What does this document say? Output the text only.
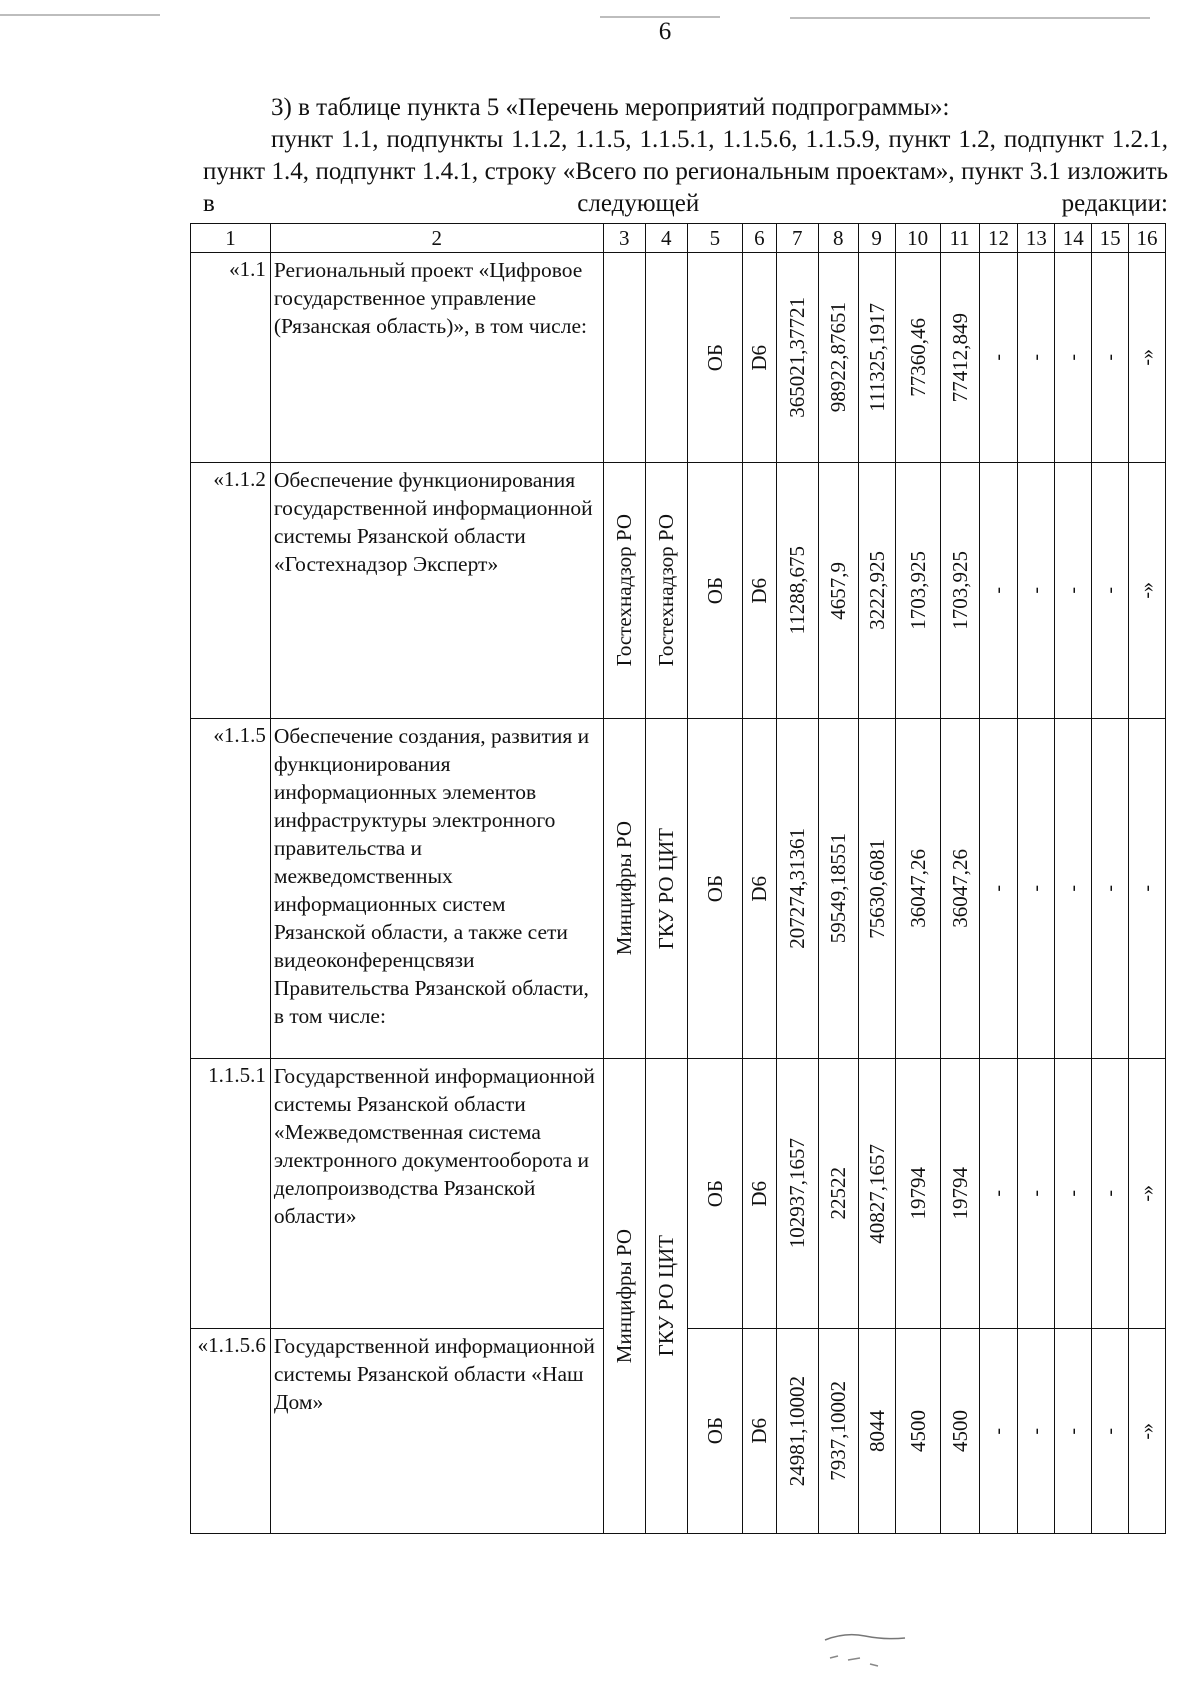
6

3) в таблице пункта 5 «Перечень мероприятий подпрограммы»:

пункт 1.1, подпункты 1.1.2, 1.1.5, 1.1.5.1, 1.1.5.6, 1.1.5.9, пункт 1.2, подпункт 1.2.1, пункт 1.4, подпункт 1.4.1, строку «Всего по региональным проектам», пункт 3.1 изложить в следующей редакции:

1	2	3	4	5	6	7	8	9	10	11	12	13	14	15	16
«1.1	Региональный проект «Цифровое государственное управление (Рязанская область)», в том числе:			ОБ	D6	365021,37721	98922,87651	111325,1917	77360,46	77412,849	-	-	-	-	-»

«1.1.2	Обеспечение функционирования государственной информационной системы Рязанской области «Гостехнадзор Эксперт»	Гостехнадзор РО	Гостехнадзор РО	ОБ	D6	11288,675	4657,9	3222,925	1703,925	1703,925	-	-	-	-	-»

«1.1.5	Обеспечение создания, развития и функционирования информационных элементов инфраструктуры электронного правительства и межведомственных информационных систем Рязанской области, а также сети видеоконференцсвязи Правительства Рязанской области, в том числе:	Минцифры РО	ГКУ РО ЦИТ	ОБ	D6	207274,31361	59549,18551	75630,6081	36047,26	36047,26	-	-	-	-	-

1.1.5.1	Государственной информационной системы Рязанской области «Межведомственная система электронного документооборота и делопроизводства Рязанской области»	Минцифры РО	ГКУ РО ЦИТ	ОБ	D6	102937,1657	22522	40827,1657	19794	19794	-	-	-	-	-»

«1.1.5.6	Государственной информационной системы Рязанской области «Наш Дом»			ОБ	D6	24981,10002	7937,10002	8044	4500	4500	-	-	-	-	-»
